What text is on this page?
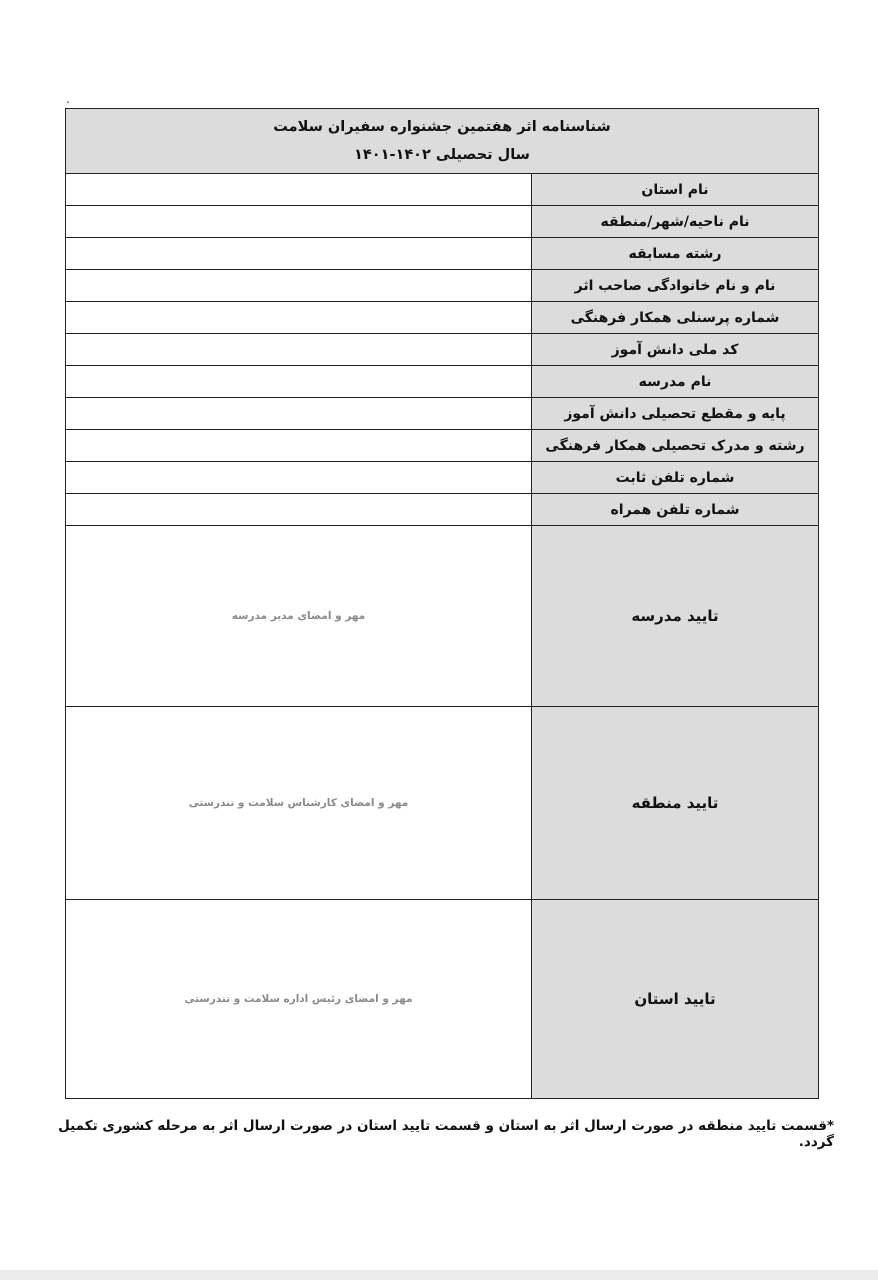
.
شناسنامه اثر هفتمین جشنواره سفیران سلامت
سال تحصیلی ۱۴۰۲-۱۴۰۱	

نام استان	
نام ناحیه/شهر/منطقه	
رشته مسابقه	
نام و نام خانوادگی صاحب اثر	
شماره پرسنلی همکار فرهنگی	
کد ملی دانش آموز	
نام مدرسه	
پایه و مقطع تحصیلی دانش آموز	
رشته و مدرک تحصیلی همکار فرهنگی	
شماره تلفن ثابت	
شماره تلفن همراه	
تایید مدرسه	مهر و امضای مدیر مدرسه
تایید منطقه	مهر و امضای کارشناس سلامت و تندرستی
تایید استان	مهر و امضای رئیس اداره سلامت و تندرستی
*قسمت تایید منطقه در صورت ارسال اثر به استان و قسمت تایید استان در صورت ارسال اثر به مرحله کشوری تکمیل گردد.
